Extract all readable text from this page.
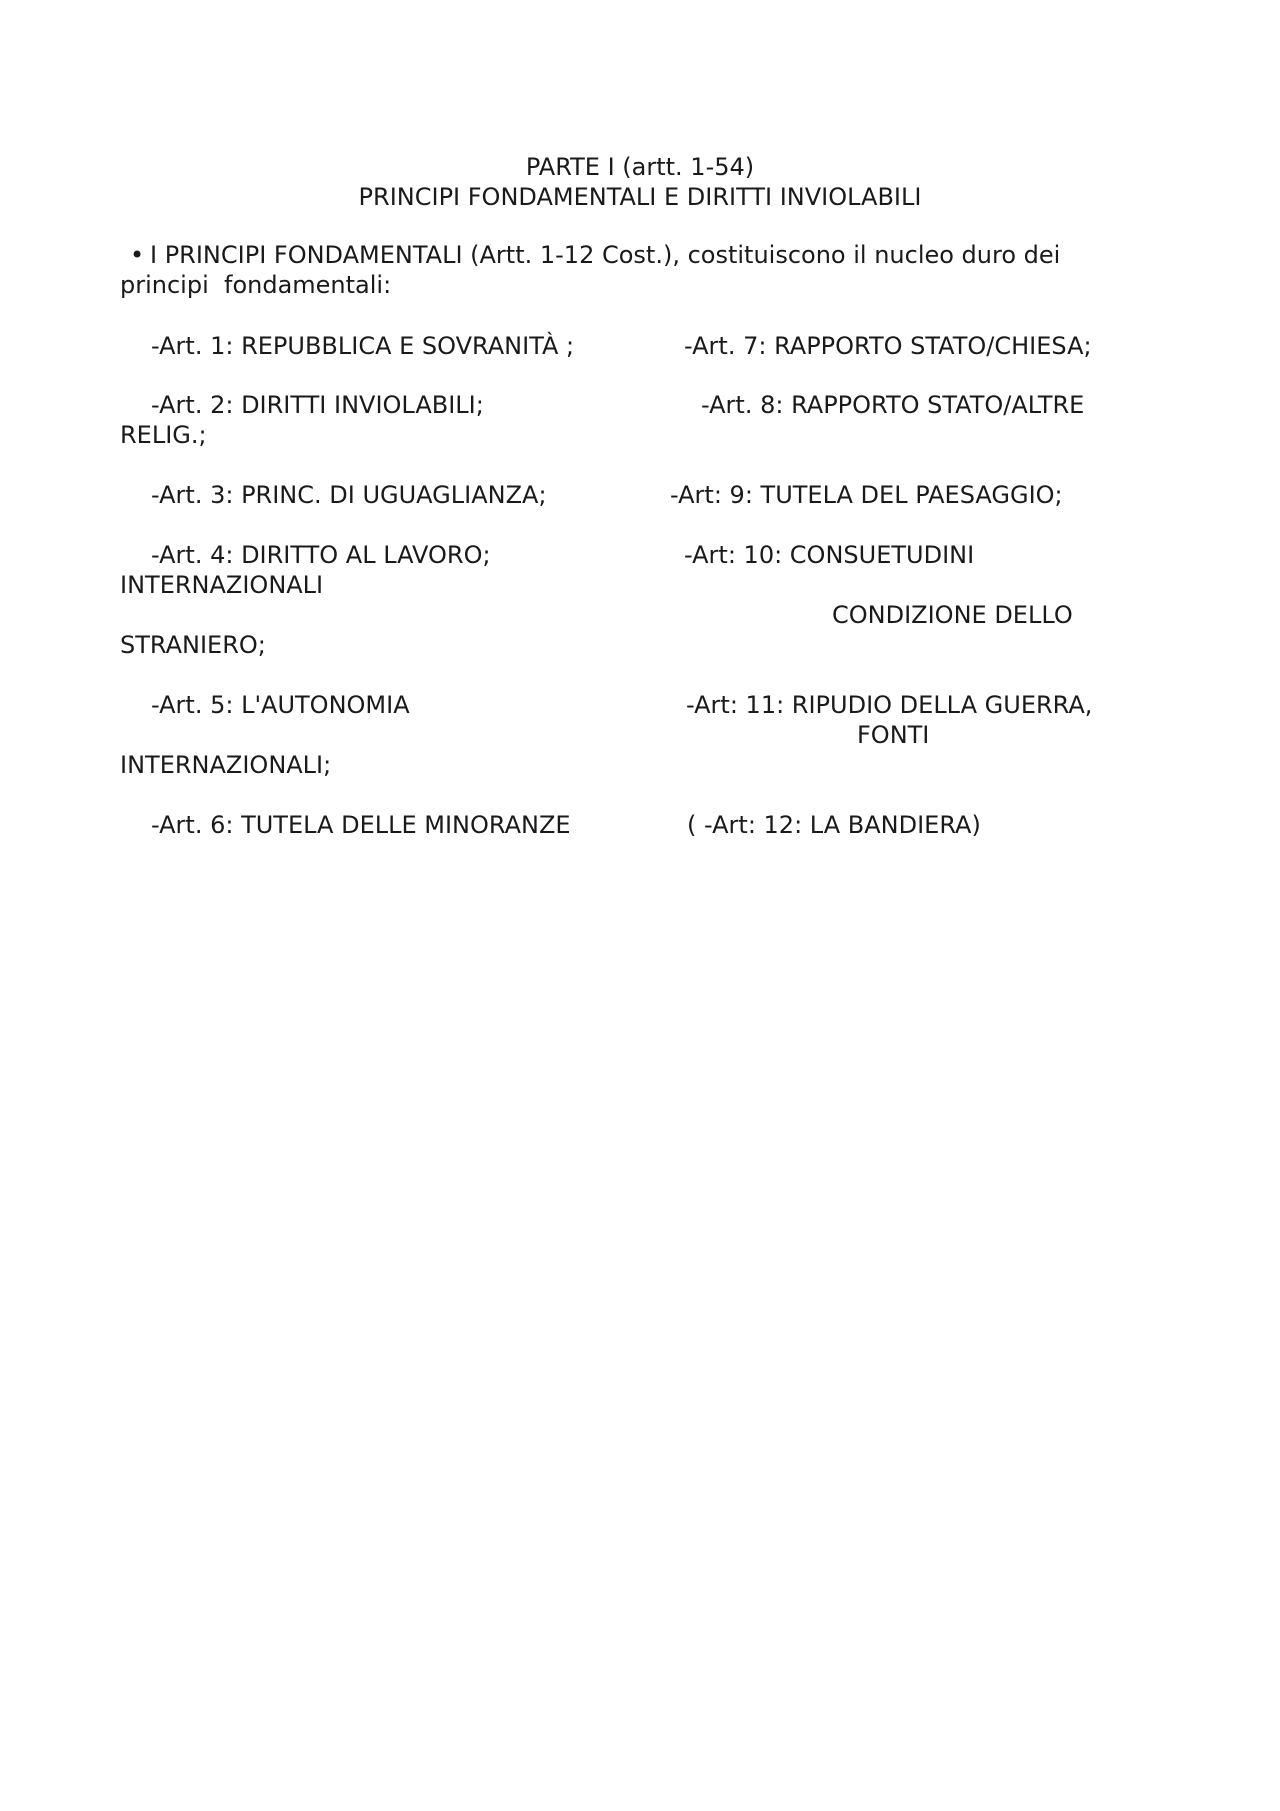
PARTE I (artt. 1-54)
PRINCIPI FONDAMENTALI E DIRITTI INVIOLABILI
• I PRINCIPI FONDAMENTALI (Artt. 1-12 Cost.), costituiscono il nucleo duro dei
principi  fondamentali:
-Art. 1: REPUBBLICA E SOVRANITÀ ;	-Art. 7: RAPPORTO STATO/CHIESA;
-Art. 2: DIRITTI INVIOLABILI;	-Art. 8: RAPPORTO STATO/ALTRE
RELIG.;
-Art. 3: PRINC. DI UGUAGLIANZA;	-Art: 9: TUTELA DEL PAESAGGIO;
-Art. 4: DIRITTO AL LAVORO;	-Art: 10: CONSUETUDINI
INTERNAZIONALI
CONDIZIONE DELLO
STRANIERO;
-Art. 5: L'AUTONOMIA	-Art: 11: RIPUDIO DELLA GUERRA,
FONTI
INTERNAZIONALI;
-Art. 6: TUTELA DELLE MINORANZE	( -Art: 12: LA BANDIERA)
